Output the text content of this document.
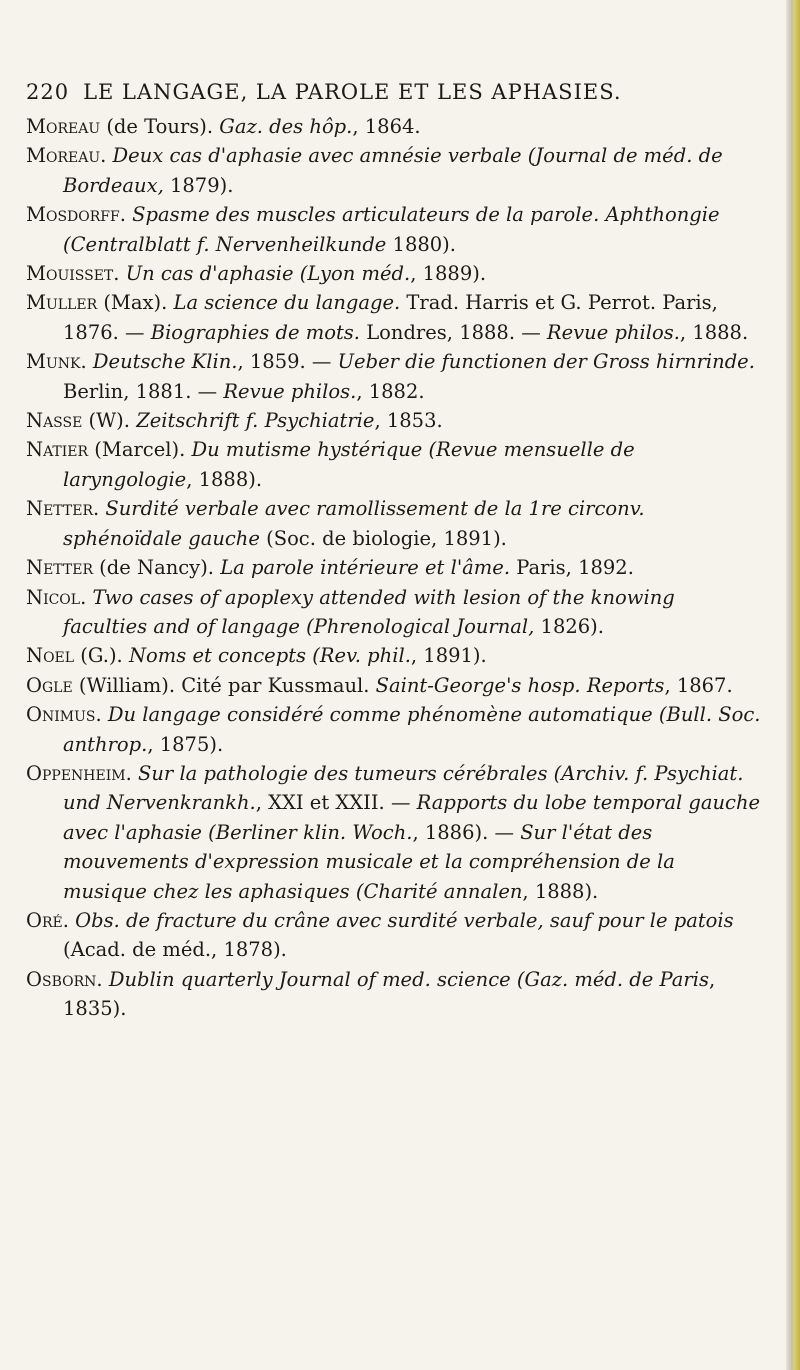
220 LE LANGAGE, LA PAROLE ET LES APHASIES.

Moreau (de Tours). Gaz. des hôp., 1864.

Moreau. Deux cas d'aphasie avec amnésie verbale (Journal de méd. de Bordeaux, 1879).

Mosdorff. Spasme des muscles articulateurs de la parole. Aphthongie (Centralblatt f. Nervenheilkunde 1880).

Mouisset. Un cas d'aphasie (Lyon méd., 1889).

Muller (Max). La science du langage. Trad. Harris et G. Perrot. Paris, 1876. — Biographies de mots. Londres, 1888. — Revue philos., 1888.

Munk. Deutsche Klin., 1859. — Ueber die functionen der Gross hirnrinde. Berlin, 1881. — Revue philos., 1882.

Nasse (W). Zeitschrift f. Psychiatrie, 1853.

Natier (Marcel). Du mutisme hystérique (Revue mensuelle de laryngologie, 1888).

Netter. Surdité verbale avec ramollissement de la 1re circonv. sphénoïdale gauche (Soc. de biologie, 1891).

Netter (de Nancy). La parole intérieure et l'âme. Paris, 1892.

Nicol. Two cases of apoplexy attended with lesion of the knowing faculties and of langage (Phrenological Journal, 1826).

Noel (G.). Noms et concepts (Rev. phil., 1891).

Ogle (William). Cité par Kussmaul. Saint-George's hosp. Reports, 1867.

Onimus. Du langage considéré comme phénomène automatique (Bull. Soc. anthrop., 1875).

Oppenheim. Sur la pathologie des tumeurs cérébrales (Archiv. f. Psychiat. und Nervenkrankh., XXI et XXII. — Rapports du lobe temporal gauche avec l'aphasie (Berliner klin. Woch., 1886). — Sur l'état des mouvements d'expression musicale et la compréhension de la musique chez les aphasiques (Charité annalen, 1888).

Oré. Obs. de fracture du crâne avec surdité verbale, sauf pour le patois (Acad. de méd., 1878).

Osborn. Dublin quarterly Journal of med. science (Gaz. méd. de Paris, 1835).
